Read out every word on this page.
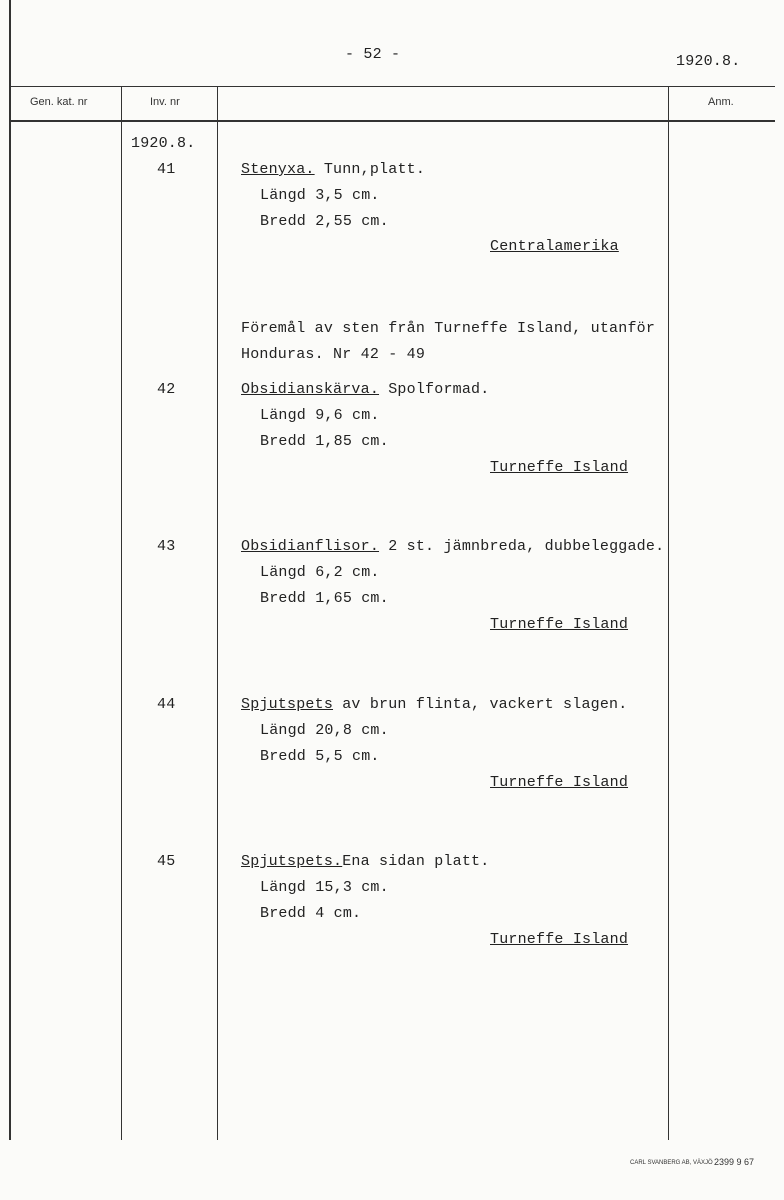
- 52 -	1920.8.
Gen. kat. nr	Inv. nr	Anm.
1920.8.
41	Stenyxa. Tunn,platt.
Längd 3,5 cm.
Bredd 2,55 cm.
Centralamerika
Föremål av sten från Turneffe Island, utanför
Honduras. Nr 42 - 49
42	Obsidianskärva. Spolformad.
Längd 9,6 cm.
Bredd 1,85 cm.
Turneffe Island
43	Obsidianflisor. 2 st. jämnbreda, dubbeleggade.
Längd 6,2 cm.
Bredd 1,65 cm.
Turneffe Island
44	Spjutspets av brun flinta, vackert slagen.
Längd 20,8 cm.
Bredd 5,5 cm.
Turneffe Island
45	Spjutspets.Ena sidan platt.
Längd 15,3 cm.
Bredd 4 cm.
Turneffe Island
CARL SVANBERG AB, VÄXJÖ 2399 9 67
